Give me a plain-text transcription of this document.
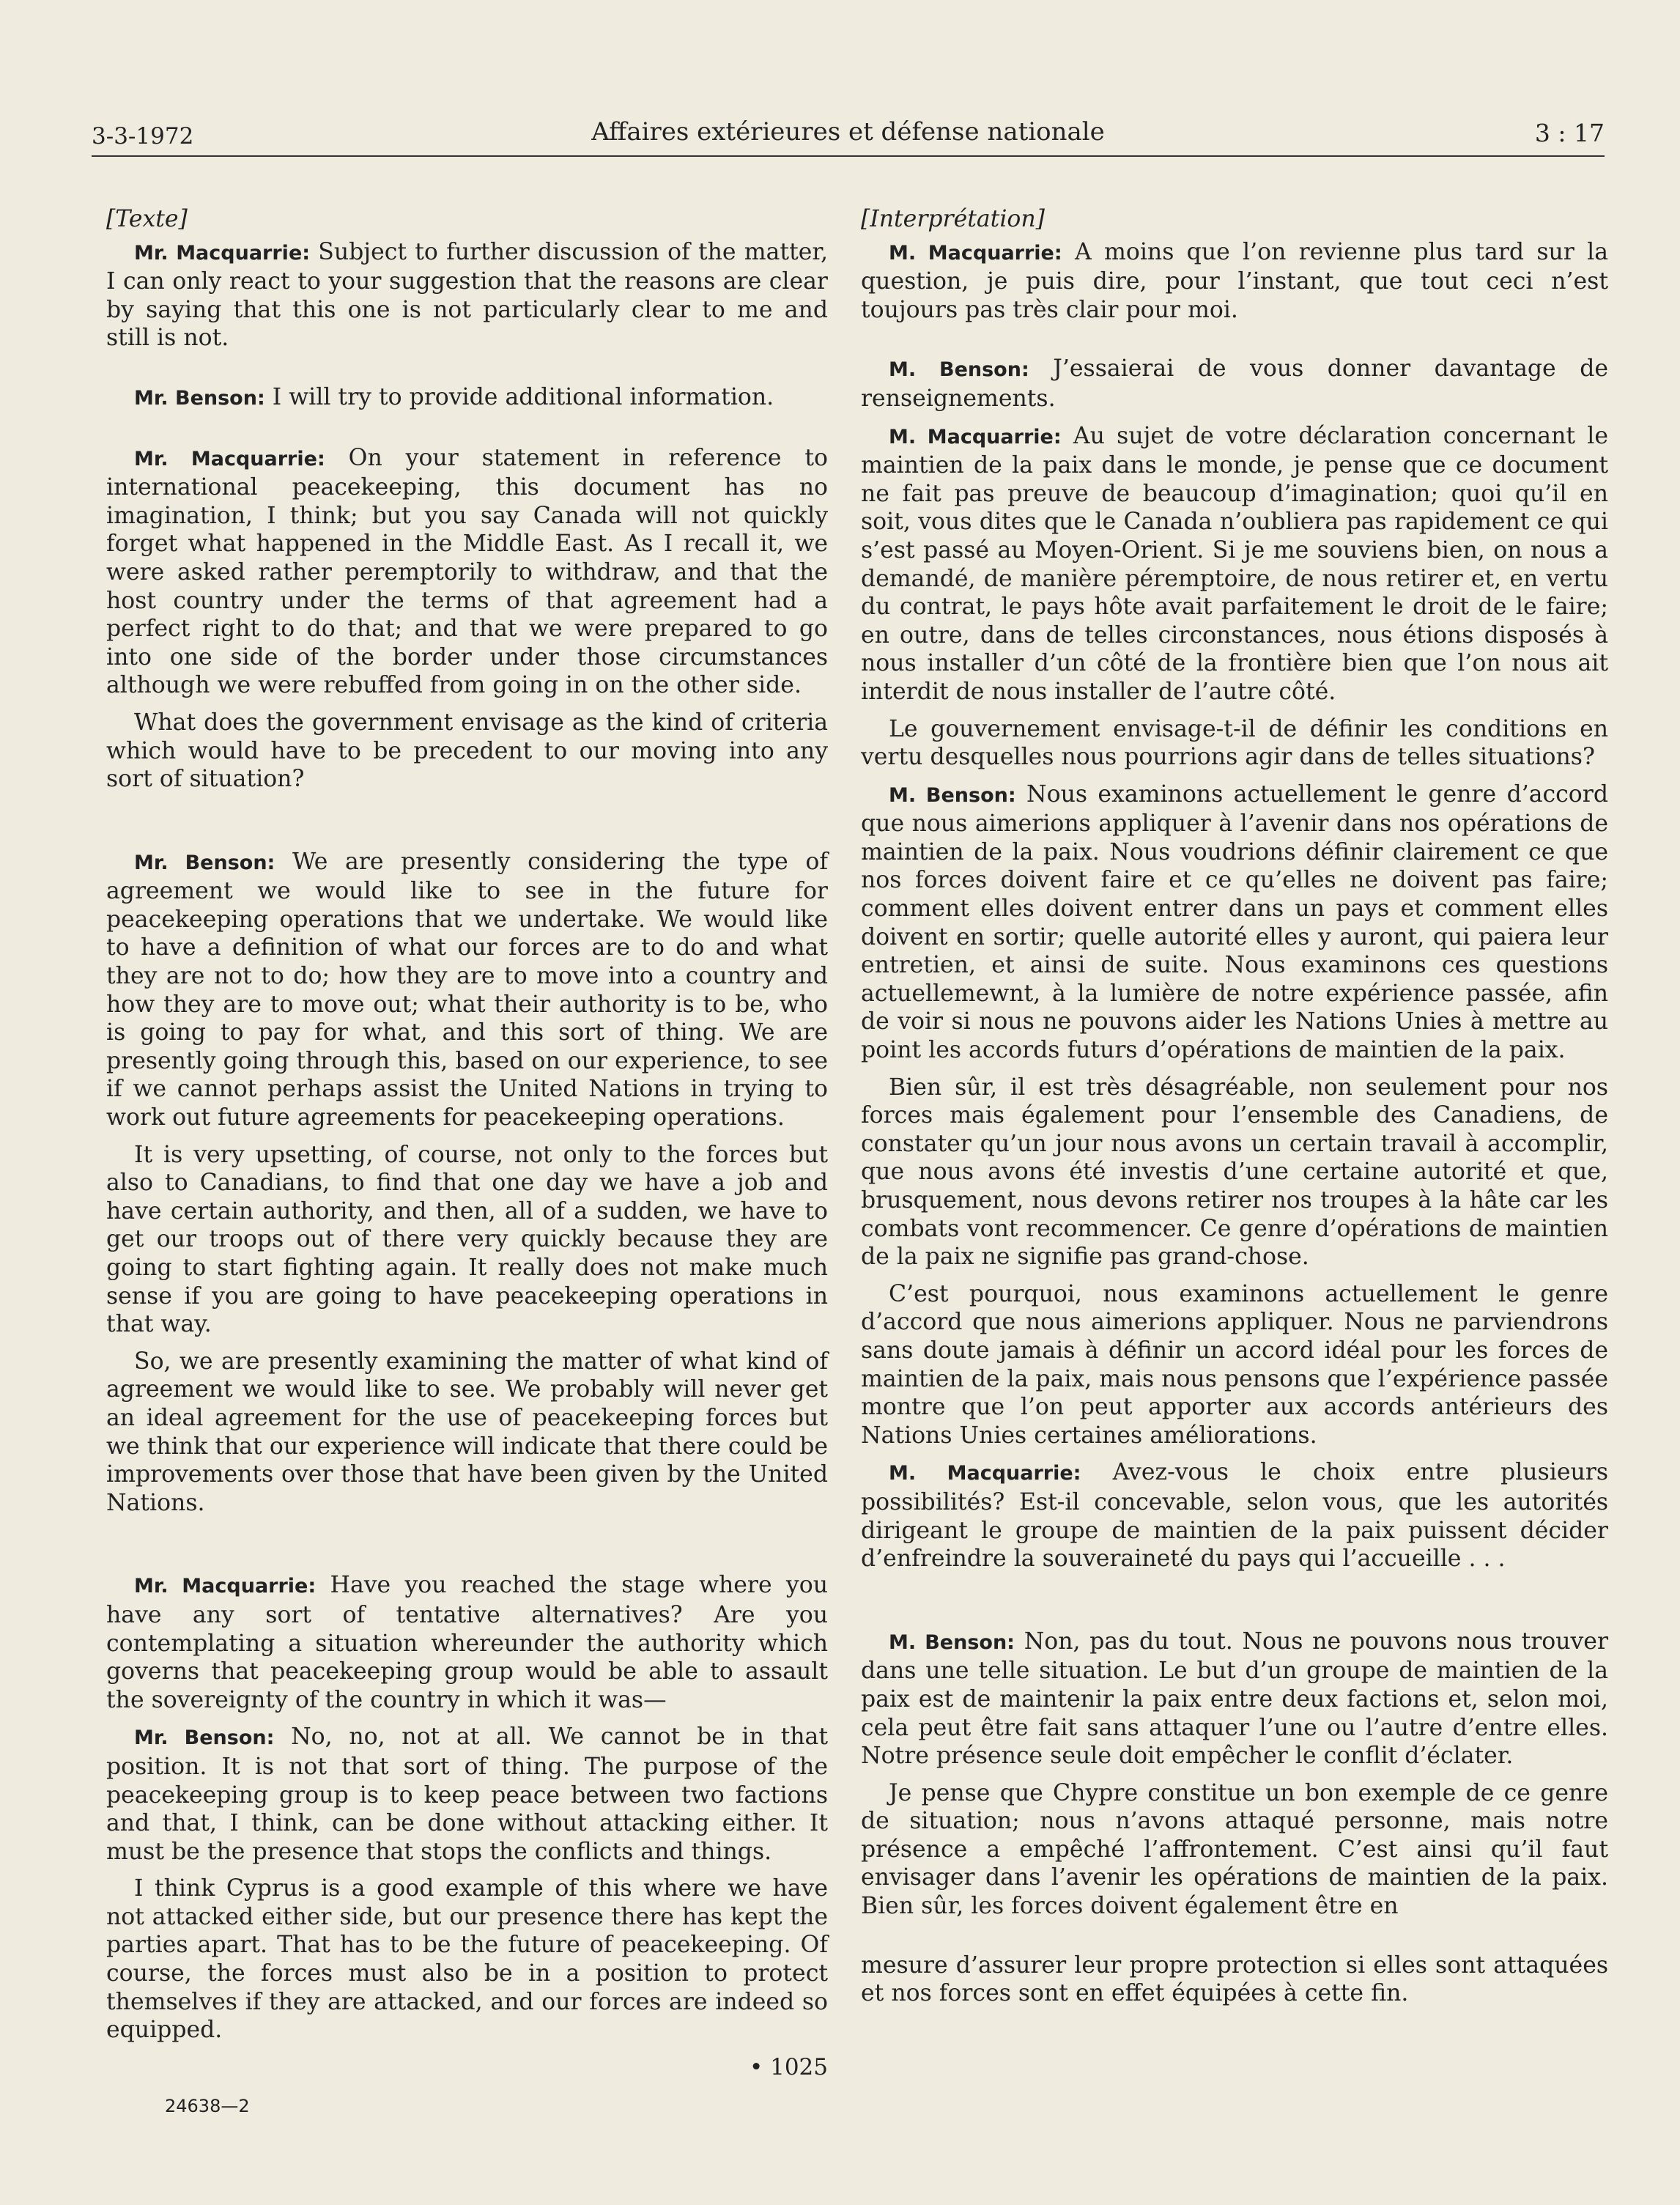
3-3-1972	Affaires extérieures et défense nationale	3 : 17

[Texte]

Mr. Macquarrie: Subject to further discussion of the matter, I can only react to your suggestion that the reasons are clear by saying that this one is not particularly clear to me and still is not.

Mr. Benson: I will try to provide additional information.

Mr. Macquarrie: On your statement in reference to international peacekeeping, this document has no imagination, I think; but you say Canada will not quickly forget what happened in the Middle East. As I recall it, we were asked rather peremptorily to withdraw, and that the host country under the terms of that agreement had a perfect right to do that; and that we were prepared to go into one side of the border under those circumstances although we were rebuffed from going in on the other side.

What does the government envisage as the kind of criteria which would have to be precedent to our moving into any sort of situation?

Mr. Benson: We are presently considering the type of agreement we would like to see in the future for peacekeeping operations that we undertake. We would like to have a definition of what our forces are to do and what they are not to do; how they are to move into a country and how they are to move out; what their authority is to be, who is going to pay for what, and this sort of thing. We are presently going through this, based on our experience, to see if we cannot perhaps assist the United Nations in trying to work out future agreements for peacekeeping operations.

It is very upsetting, of course, not only to the forces but also to Canadians, to find that one day we have a job and have certain authority, and then, all of a sudden, we have to get our troops out of there very quickly because they are going to start fighting again. It really does not make much sense if you are going to have peacekeeping operations in that way.

So, we are presently examining the matter of what kind of agreement we would like to see. We probably will never get an ideal agreement for the use of peacekeeping forces but we think that our experience will indicate that there could be improvements over those that have been given by the United Nations.

Mr. Macquarrie: Have you reached the stage where you have any sort of tentative alternatives? Are you contemplating a situation whereunder the authority which governs that peacekeeping group would be able to assault the sovereignty of the country in which it was—

Mr. Benson: No, no, not at all. We cannot be in that position. It is not that sort of thing. The purpose of the peacekeeping group is to keep peace between two factions and that, I think, can be done without attacking either. It must be the presence that stops the conflicts and things.

I think Cyprus is a good example of this where we have not attacked either side, but our presence there has kept the parties apart. That has to be the future of peacekeeping. Of course, the forces must also be in a position to protect themselves if they are attacked, and our forces are indeed so equipped.

• 1025

[Interprétation]

M. Macquarrie: A moins que l’on revienne plus tard sur la question, je puis dire, pour l’instant, que tout ceci n’est toujours pas très clair pour moi.

M. Benson: J’essaierai de vous donner davantage de renseignements.

M. Macquarrie: Au sujet de votre déclaration concernant le maintien de la paix dans le monde, je pense que ce document ne fait pas preuve de beaucoup d’imagination; quoi qu’il en soit, vous dites que le Canada n’oubliera pas rapidement ce qui s’est passé au Moyen-Orient. Si je me souviens bien, on nous a demandé, de manière péremptoire, de nous retirer et, en vertu du contrat, le pays hôte avait parfaitement le droit de le faire; en outre, dans de telles circonstances, nous étions disposés à nous installer d’un côté de la frontière bien que l’on nous ait interdit de nous installer de l’autre côté.

Le gouvernement envisage-t-il de définir les conditions en vertu desquelles nous pourrions agir dans de telles situations?

M. Benson: Nous examinons actuellement le genre d’accord que nous aimerions appliquer à l’avenir dans nos opérations de maintien de la paix. Nous voudrions définir clairement ce que nos forces doivent faire et ce qu’elles ne doivent pas faire; comment elles doivent entrer dans un pays et comment elles doivent en sortir; quelle autorité elles y auront, qui paiera leur entretien, et ainsi de suite. Nous examinons ces questions actuellemewnt, à la lumière de notre expérience passée, afin de voir si nous ne pouvons aider les Nations Unies à mettre au point les accords futurs d’opérations de maintien de la paix.

Bien sûr, il est très désagréable, non seulement pour nos forces mais également pour l’ensemble des Canadiens, de constater qu’un jour nous avons un certain travail à accomplir, que nous avons été investis d’une certaine autorité et que, brusquement, nous devons retirer nos troupes à la hâte car les combats vont recommencer. Ce genre d’opérations de maintien de la paix ne signifie pas grand-chose.

C’est pourquoi, nous examinons actuellement le genre d’accord que nous aimerions appliquer. Nous ne parviendrons sans doute jamais à définir un accord idéal pour les forces de maintien de la paix, mais nous pensons que l’expérience passée montre que l’on peut apporter aux accords antérieurs des Nations Unies certaines améliorations.

M. Macquarrie: Avez-vous le choix entre plusieurs possibilités? Est-il concevable, selon vous, que les autorités dirigeant le groupe de maintien de la paix puissent décider d’enfreindre la souveraineté du pays qui l’accueille . . .

M. Benson: Non, pas du tout. Nous ne pouvons nous trouver dans une telle situation. Le but d’un groupe de maintien de la paix est de maintenir la paix entre deux factions et, selon moi, cela peut être fait sans attaquer l’une ou l’autre d’entre elles. Notre présence seule doit empêcher le conflit d’éclater.

Je pense que Chypre constitue un bon exemple de ce genre de situation; nous n’avons attaqué personne, mais notre présence a empêché l’affrontement. C’est ainsi qu’il faut envisager dans l’avenir les opérations de maintien de la paix. Bien sûr, les forces doivent également être en

mesure d’assurer leur propre protection si elles sont attaquées et nos forces sont en effet équipées à cette fin.

24638—2
